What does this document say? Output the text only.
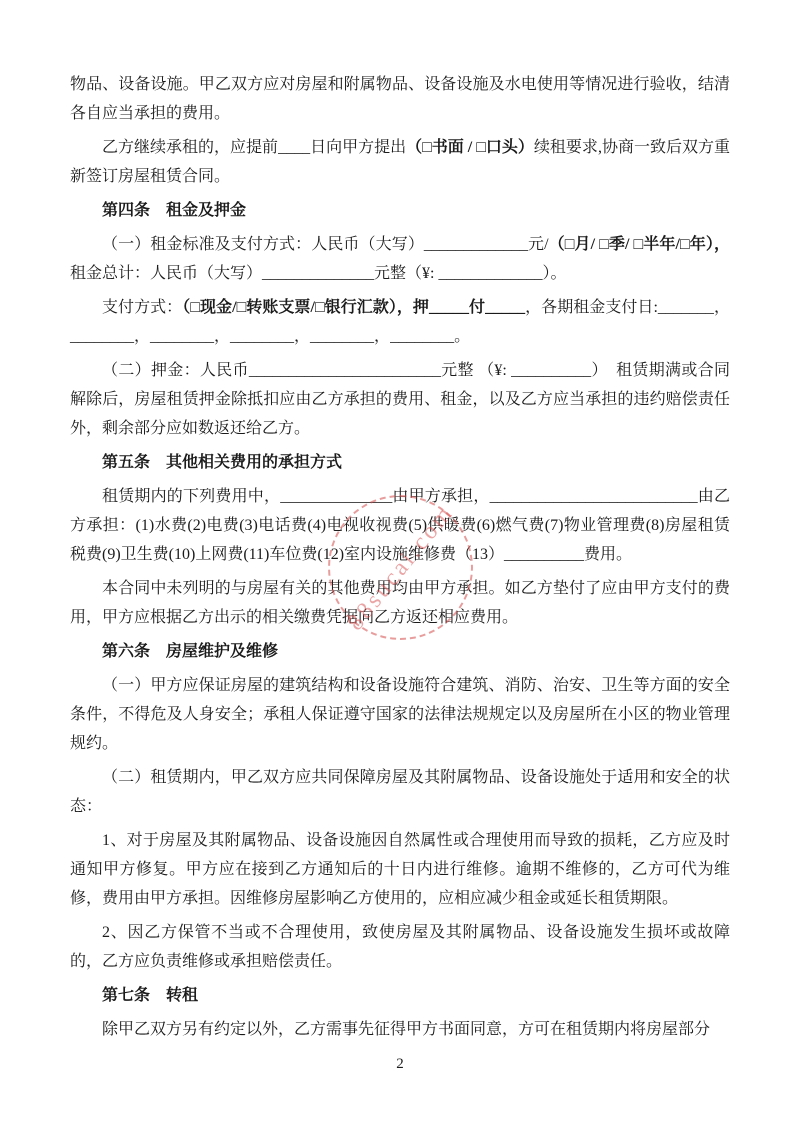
物品、设备设施。甲乙双方应对房屋和附属物品、设备设施及水电使用等情况进行验收，结清各自应当承担的费用。

乙方继续承租的，应提前____日向甲方提出（□书面 / □口头）续租要求,协商一致后双方重新签订房屋租赁合同。

第四条　租金及押金

（一）租金标准及支付方式：人民币（大写）_____________元/（□月/ □季/ □半年/□年），租金总计：人民币（大写）______________元整（¥: _____________）。

支付方式：（□现金/□转账支票/□银行汇款），押_____付_____，各期租金支付日:_______，________，________，________，________，________。

（二）押金：人民币________________________元整 （¥: __________）　租赁期满或合同解除后，房屋租赁押金除抵扣应由乙方承担的费用、租金，以及乙方应当承担的违约赔偿责任外，剩余部分应如数返还给乙方。

第五条　其他相关费用的承担方式

租赁期内的下列费用中，______________由甲方承担，__________________________由乙方承担：(1)水费(2)电费(3)电话费(4)电视收视费(5)供暖费(6)燃气费(7)物业管理费(8)房屋租赁税费(9)卫生费(10)上网费(11)车位费(12)室内设施维修费（13）__________费用。

本合同中未列明的与房屋有关的其他费用均由甲方承担。如乙方垫付了应由甲方支付的费用，甲方应根据乙方出示的相关缴费凭据向乙方返还相应费用。

第六条　房屋维护及维修

（一）甲方应保证房屋的建筑结构和设备设施符合建筑、消防、治安、卫生等方面的安全条件，不得危及人身安全；承租人保证遵守国家的法律法规规定以及房屋所在小区的物业管理规约。

（二）租赁期内，甲乙双方应共同保障房屋及其附属物品、设备设施处于适用和安全的状态：

1、对于房屋及其附属物品、设备设施因自然属性或合理使用而导致的损耗，乙方应及时通知甲方修复。甲方应在接到乙方通知后的十日内进行维修。逾期不维修的，乙方可代为维修，费用由甲方承担。因维修房屋影响乙方使用的，应相应减少租金或延长租赁期限。

2、因乙方保管不当或不合理使用，致使房屋及其附属物品、设备设施发生损坏或故障的，乙方应负责维修或承担赔偿责任。

第七条　转租

除甲乙双方另有约定以外，乙方需事先征得甲方书面同意，方可在租赁期内将房屋部分

88sucai.com
2
